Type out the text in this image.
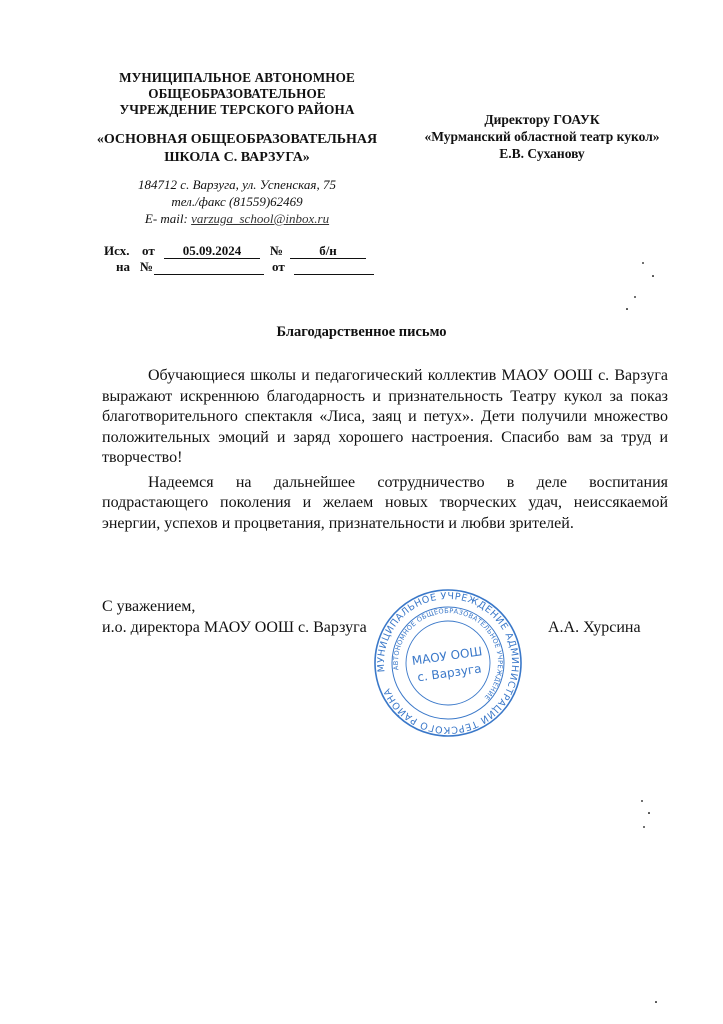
МУНИЦИПАЛЬНОЕ АВТОНОМНОЕ
ОБЩЕОБРАЗОВАТЕЛЬНОЕ
УЧРЕЖДЕНИЕ ТЕРСКОГО РАЙОНА
«ОСНОВНАЯ ОБЩЕОБРАЗОВАТЕЛЬНАЯ
ШКОЛА С. ВАРЗУГА»
184712 с. Варзуга, ул. Успенская, 75
тел./факс (81559)62469
E- mail: varzuga_school@inbox.ru
Исх. от 05.09.2024 №	б/н
на №	от
Директору ГОАУК
«Мурманский областной театр кукол»
Е.В. Суханову
Благодарственное письмо

Обучающиеся школы и педагогический коллектив МАОУ ООШ с. Варзуга выражают искреннюю благодарность и признательность Театру кукол за показ благотворительного спектакля «Лиса, заяц и петух». Дети получили множество положительных эмоций и заряд хорошего настроения. Спасибо вам за труд и творчество!

Надеемся на дальнейшее сотрудничество в деле воспитания подрастающего поколения и желаем новых творческих удач, неиссякаемой энергии, успехов и процветания, признательности и любви зрителей.

С уважением,
и.о. директора МАОУ ООШ с. Варзуга	А.А. Хурсина
МУНИЦИПАЛЬНОЕ УЧРЕЖДЕНИЕ АДМИНИСТРАЦИИ ТЕРСКОГО РАЙОНА
АВТОНОМНОЕ ОБЩЕОБРАЗОВАТЕЛЬНОЕ УЧРЕЖДЕНИЕ
МАОУ ООШ
с. Варзуга
